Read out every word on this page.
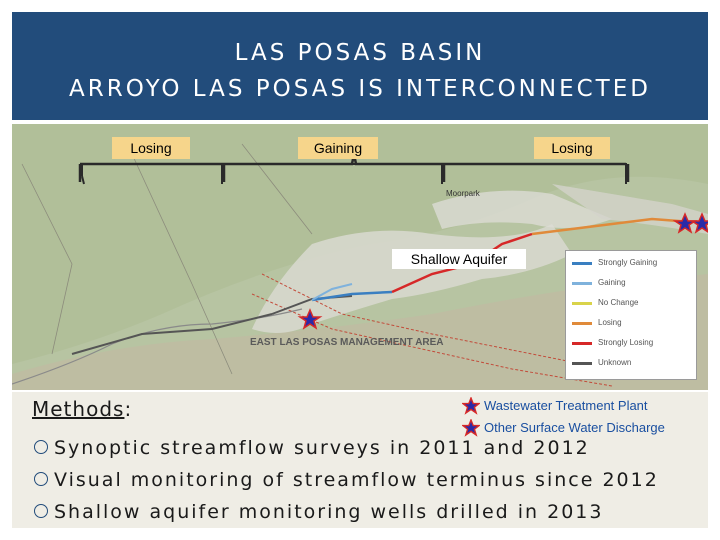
LAS POSAS BASIN
ARROYO LAS POSAS IS INTERCONNECTED
Losing	Gaining	Losing
Moorpark
Shallow Aquifer
EAST LAS POSAS MANAGEMENT AREA
Strongly Gaining
Gaining
No Change
Losing
Strongly Losing
Unknown
Methods:	Wastewater Treatment Plant
Other Surface Water Discharge
Synoptic streamflow surveys in 2011 and 2012
Visual monitoring of streamflow terminus since 2012
Shallow aquifer monitoring wells drilled in 2013
